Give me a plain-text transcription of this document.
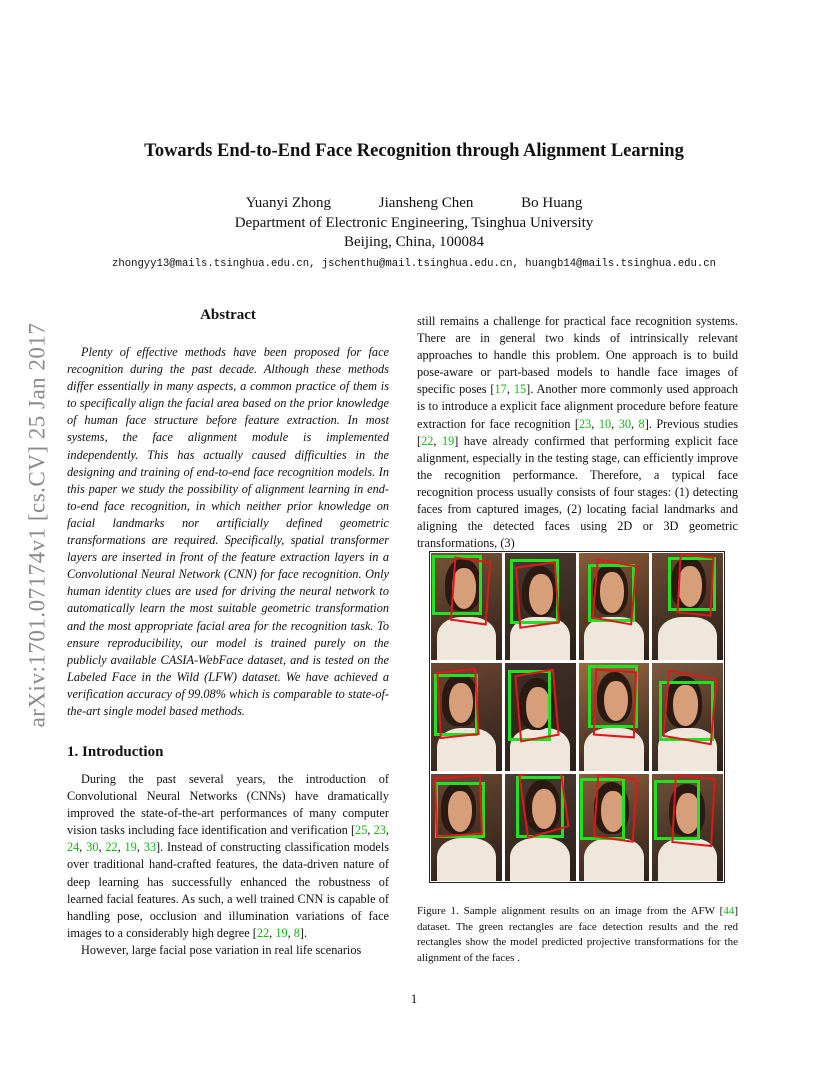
arXiv:1701.07174v1 [cs.CV] 25 Jan 2017
Towards End-to-End Face Recognition through Alignment Learning
Yuanyi Zhong	Jiansheng Chen	Bo Huang
Department of Electronic Engineering, Tsinghua University
Beijing, China, 100084
zhongyy13@mails.tsinghua.edu.cn, jschenthu@mail.tsinghua.edu.cn, huangb14@mails.tsinghua.edu.cn
Abstract

Plenty of effective methods have been proposed for face recognition during the past decade. Although these methods differ essentially in many aspects, a common practice of them is to specifically align the facial area based on the prior knowledge of human face structure before feature extraction. In most systems, the face alignment module is implemented independently. This has actually caused difficulties in the designing and training of end-to-end face recognition models. In this paper we study the possibility of alignment learning in end-to-end face recognition, in which neither prior knowledge on facial landmarks nor artificially defined geometric transformations are required. Specifically, spatial transformer layers are inserted in front of the feature extraction layers in a Convolutional Neural Network (CNN) for face recognition. Only human identity clues are used for driving the neural network to automatically learn the most suitable geometric transformation and the most appropriate facial area for the recognition task. To ensure reproducibility, our model is trained purely on the publicly available CASIA-WebFace dataset, and is tested on the Labeled Face in the Wild (LFW) dataset. We have achieved a verification accuracy of 99.08% which is comparable to state-of-the-art single model based methods.

1. Introduction

During the past several years, the introduction of Convolutional Neural Networks (CNNs) have dramatically improved the state-of-the-art performances of many computer vision tasks including face identification and verification [25, 23, 24, 30, 22, 19, 33]. Instead of constructing classification models over traditional hand-crafted features, the data-driven nature of deep learning has successfully enhanced the robustness of learned facial features. As such, a well trained CNN is capable of handling pose, occlusion and illumination variations of face images to a considerably high degree [22, 19, 8].

However, large facial pose variation in real life scenarios

still remains a challenge for practical face recognition systems. There are in general two kinds of intrinsically relevant approaches to handle this problem. One approach is to build pose-aware or part-based models to handle face images of specific poses [17, 15]. Another more commonly used approach is to introduce a explicit face alignment procedure before feature extraction for face recognition [23, 10, 30, 8]. Previous studies [22, 19] have already confirmed that performing explicit face alignment, especially in the testing stage, can efficiently improve the recognition performance. Therefore, a typical face recognition process usually consists of four stages: (1) detecting faces from captured images, (2) locating facial landmarks and aligning the detected faces using 2D or 3D geometric transformations, (3)

Figure 1. Sample alignment results on an image from the AFW [44] dataset. The green rectangles are face detection results and the red rectangles show the model predicted projective transformations for the alignment of the faces .
1
